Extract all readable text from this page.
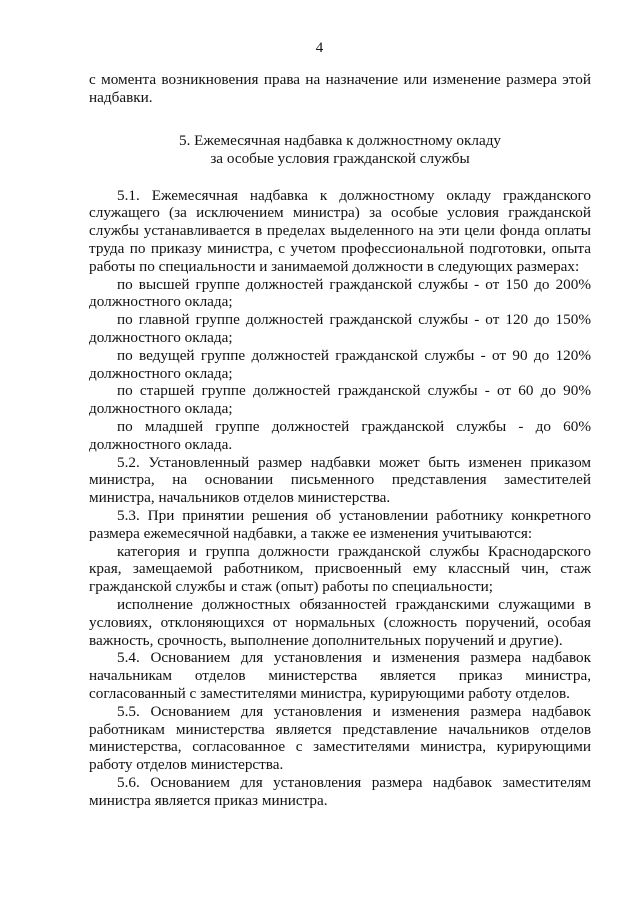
4

с момента возникновения права на назначение или изменение размера этой надбавки.

5. Ежемесячная надбавка к должностному окладу
за особые условия гражданской службы

5.1. Ежемесячная надбавка к должностному окладу гражданского служащего (за исключением министра) за особые условия гражданской службы устанавливается в пределах выделенного на эти цели фонда оплаты труда по приказу министра, с учетом профессиональной подготовки, опыта работы по специальности и занимаемой должности в следующих размерах:

по высшей группе должностей гражданской службы - от 150 до 200% должностного оклада;

по главной группе должностей гражданской службы - от 120 до 150% должностного оклада;

по ведущей группе должностей гражданской службы - от 90 до 120% должностного оклада;

по старшей группе должностей гражданской службы - от 60 до 90% должностного оклада;

по младшей группе должностей гражданской службы - до 60% должностного оклада.

5.2. Установленный размер надбавки может быть изменен приказом министра, на основании письменного представления заместителей министра, начальников отделов министерства.

5.3. При принятии решения об установлении работнику конкретного размера ежемесячной надбавки, а также ее изменения учитываются:

категория и группа должности гражданской службы Краснодарского края, замещаемой работником, присвоенный ему классный чин, стаж гражданской службы и стаж (опыт) работы по специальности;

исполнение должностных обязанностей гражданскими служащими в условиях, отклоняющихся от нормальных (сложность поручений, особая важность, срочность, выполнение дополнительных поручений и другие).

5.4. Основанием для установления и изменения размера надбавок начальникам отделов министерства является приказ министра, согласованный с заместителями министра, курирующими работу отделов.

5.5. Основанием для установления и изменения размера надбавок работникам министерства является представление начальников отделов министерства, согласованное с заместителями министра, курирующими работу отделов министерства.

5.6. Основанием для установления размера надбавок заместителям министра является приказ министра.
